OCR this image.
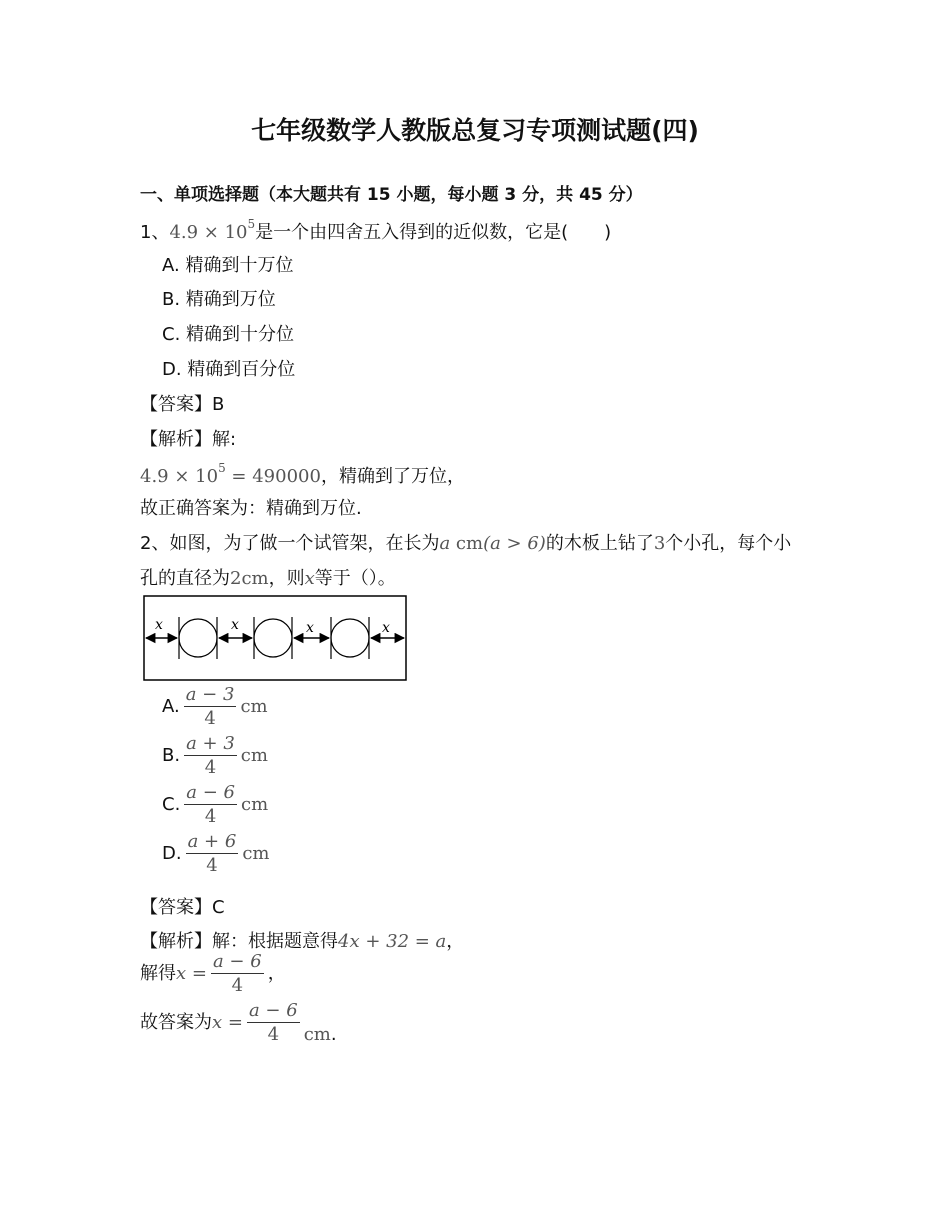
七年级数学人教版总复习专项测试题(四)
一、单项选择题（本大题共有 15 小题，每小题 3 分，共 45 分）
1、$4.9 \times 10^5$是一个由四舍五入得到的近似数，它是(　　)
A. 精确到十万位
B. 精确到万位
C. 精确到十分位
D. 精确到百分位
【答案】B
【解析】解:
$4.9 \times 10^5 = 490000$，精确到了万位，
故正确答案为：精确到万位.
2、如图，为了做一个试管架，在长为a cm(a > 6)的木板上钻了3个小孔，每个小
孔的直径为2cm，则x等于（）。
x	x	x	x
A. $\frac{a - 3}{4}$ cm
B. $\frac{a + 3}{4}$ cm
C. $\frac{a - 6}{4}$ cm
D. $\frac{a + 6}{4}$ cm
【答案】C
【解析】解：根据题意得4x + 32 = a，
解得$x = \frac{a - 6}{4}$ ，
故答案为$x = \frac{a - 6}{4}$ cm.
